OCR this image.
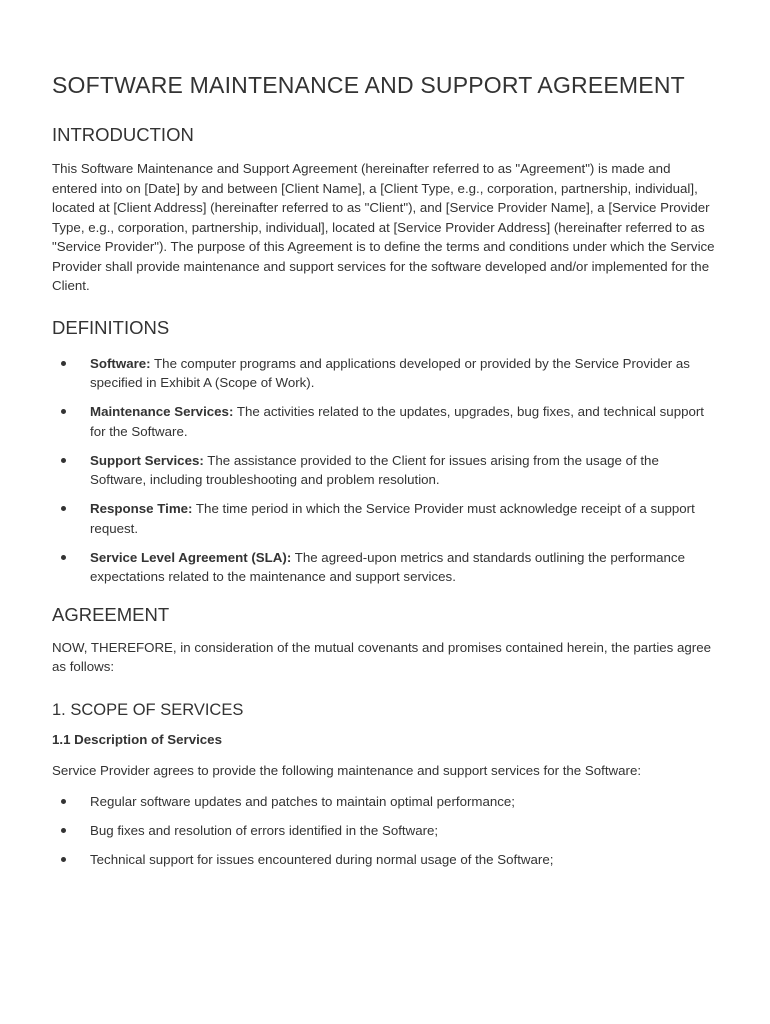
SOFTWARE MAINTENANCE AND SUPPORT AGREEMENT
INTRODUCTION

This Software Maintenance and Support Agreement (hereinafter referred to as "Agreement") is made and entered into on [Date] by and between [Client Name], a [Client Type, e.g., corporation, partnership, individual], located at [Client Address] (hereinafter referred to as "Client"), and [Service Provider Name], a [Service Provider Type, e.g., corporation, partnership, individual], located at [Service Provider Address] (hereinafter referred to as "Service Provider"). The purpose of this Agreement is to define the terms and conditions under which the Service Provider shall provide maintenance and support services for the software developed and/or implemented for the Client.

DEFINITIONS
Software: The computer programs and applications developed or provided by the Service Provider as specified in Exhibit A (Scope of Work).
Maintenance Services: The activities related to the updates, upgrades, bug fixes, and technical support for the Software.
Support Services: The assistance provided to the Client for issues arising from the usage of the Software, including troubleshooting and problem resolution.
Response Time: The time period in which the Service Provider must acknowledge receipt of a support request.
Service Level Agreement (SLA): The agreed-upon metrics and standards outlining the performance expectations related to the maintenance and support services.
AGREEMENT

NOW, THEREFORE, in consideration of the mutual covenants and promises contained herein, the parties agree as follows:

1. SCOPE OF SERVICES
1.1 Description of Services

Service Provider agrees to provide the following maintenance and support services for the Software:

Regular software updates and patches to maintain optimal performance;
Bug fixes and resolution of errors identified in the Software;
Technical support for issues encountered during normal usage of the Software;
